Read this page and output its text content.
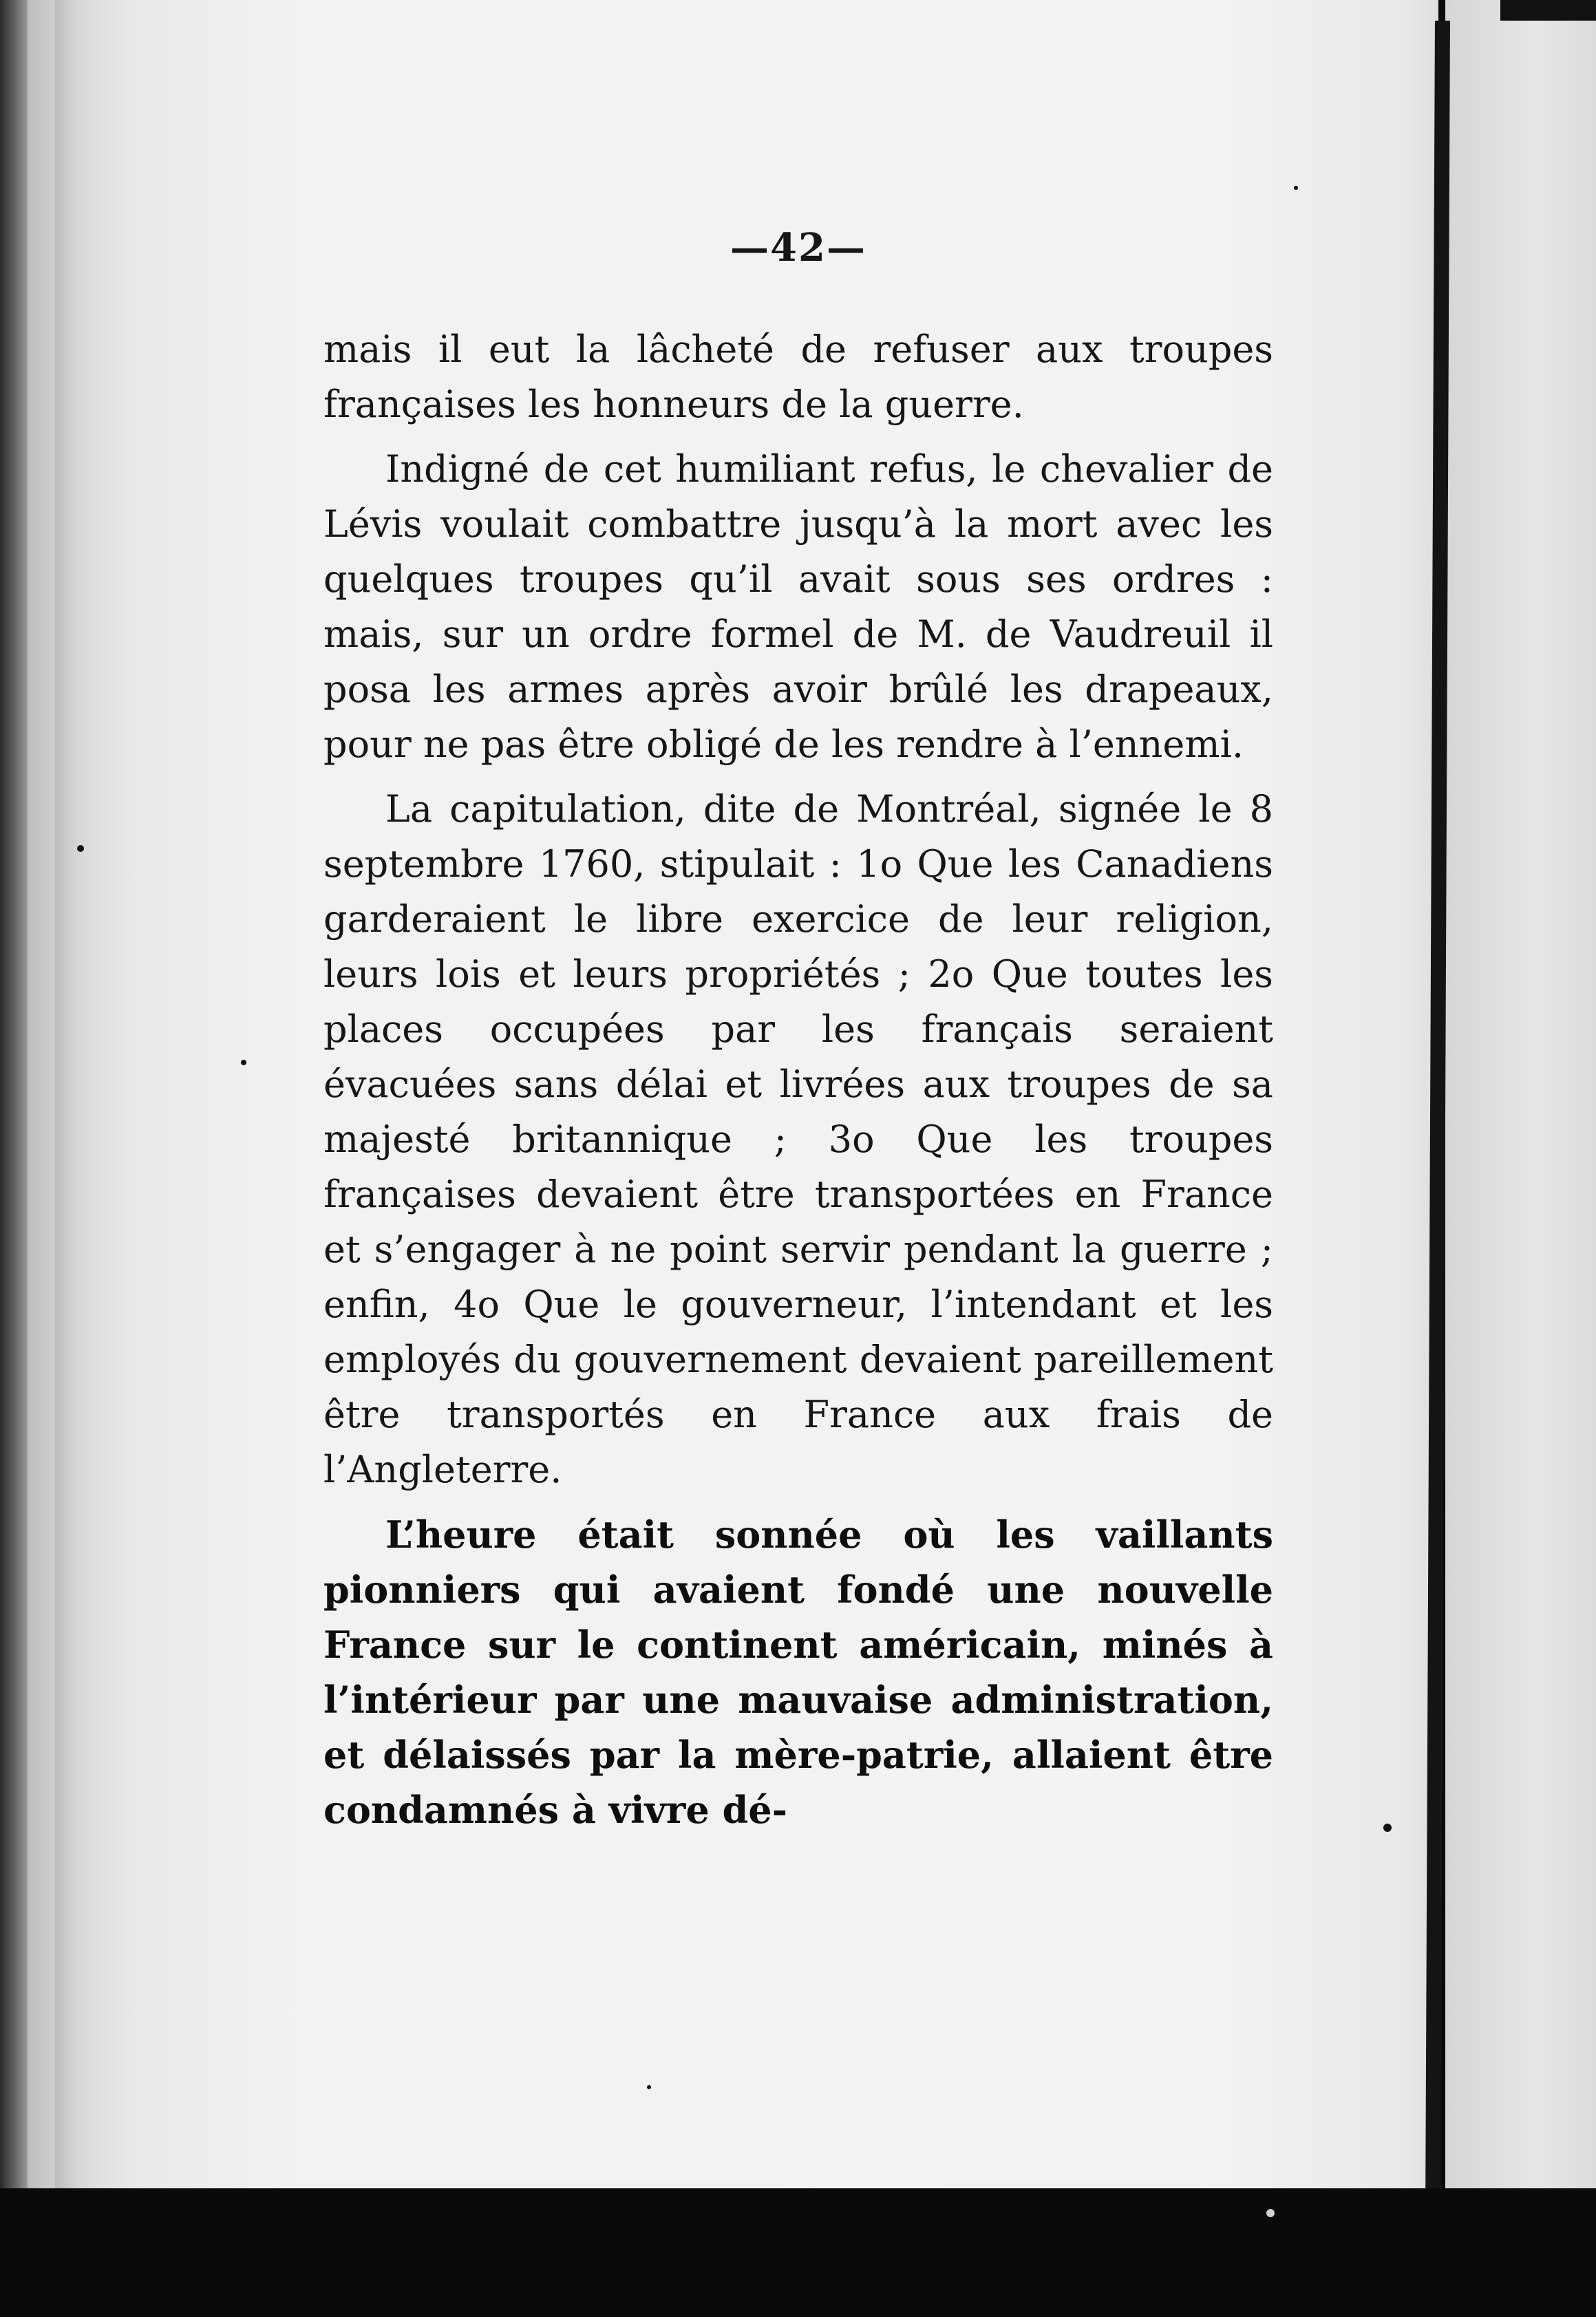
—42—

mais il eut la lâcheté de refuser aux troupes françaises les honneurs de la guerre.

Indigné de cet humiliant refus, le chevalier de Lévis voulait combattre jusqu’à la mort avec les quelques troupes qu’il avait sous ses ordres : mais, sur un ordre formel de M. de Vaudreuil il posa les armes après avoir brûlé les drapeaux, pour ne pas être obligé de les rendre à l’ennemi.

La capitulation, dite de Montréal, signée le 8 septembre 1760, stipulait : 1o Que les Canadiens garderaient le libre exercice de leur religion, leurs lois et leurs propriétés ; 2o Que toutes les places occupées par les français seraient évacuées sans délai et livrées aux troupes de sa majesté britannique ; 3o Que les troupes françaises devaient être transportées en France et s’engager à ne point servir pendant la guerre ; enfin, 4o Que le gouverneur, l’intendant et les employés du gouvernement devaient pareillement être transportés en France aux frais de l’Angleterre.

L’heure était sonnée où les vaillants pionniers qui avaient fondé une nouvelle France sur le continent américain, minés à l’intérieur par une mauvaise administration, et délaissés par la mère-patrie, allaient être condamnés à vivre dé-
